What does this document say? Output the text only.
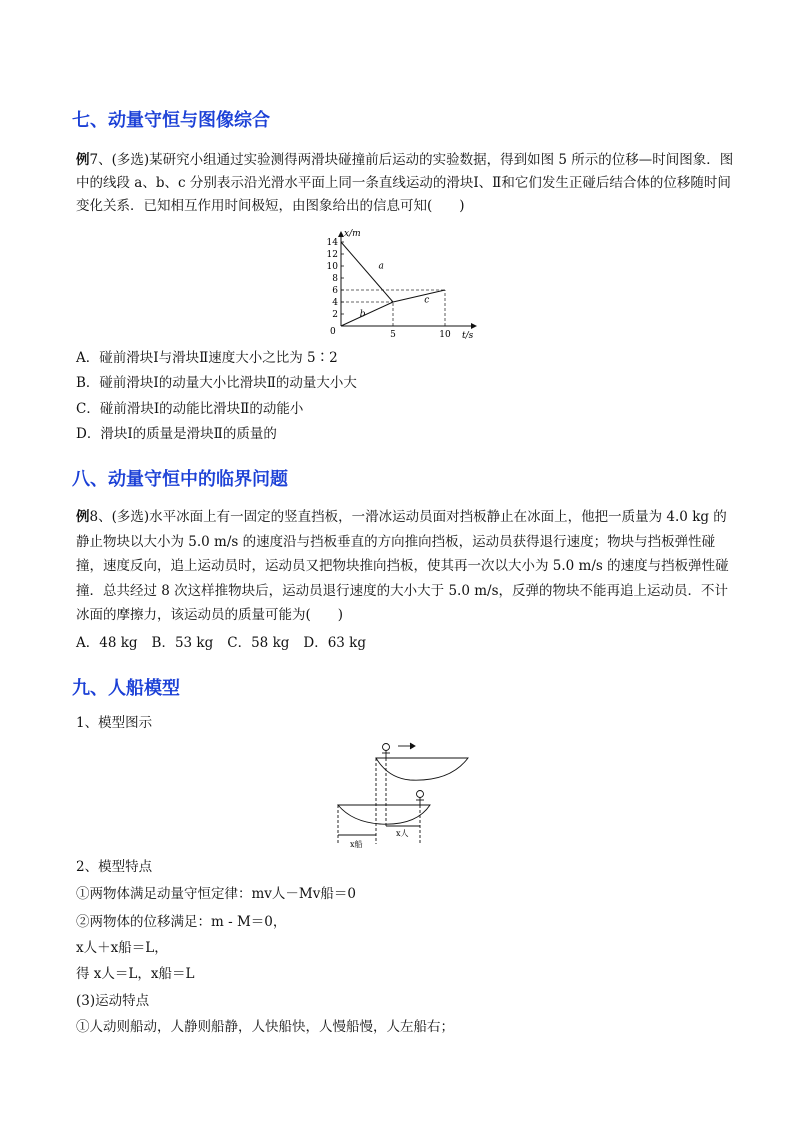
七、动量守恒与图像综合

例7、(多选)某研究小组通过实验测得两滑块碰撞前后运动的实验数据，得到如图 5 所示的位移—时间图象．图中的线段 a、b、c 分别表示沿光滑水平面上同一条直线运动的滑块Ⅰ、Ⅱ和它们发生正碰后结合体的位移随时间变化关系．已知相互作用时间极短，由图象给出的信息可知(　　)

2
4
6
8
10
12
14
5	10
a
b
c
x/m
t/s
0
A．碰前滑块Ⅰ与滑块Ⅱ速度大小之比为 5∶2
B．碰前滑块Ⅰ的动量大小比滑块Ⅱ的动量大小大
C．碰前滑块Ⅰ的动能比滑块Ⅱ的动能小
D．滑块Ⅰ的质量是滑块Ⅱ的质量的
八、动量守恒中的临界问题

例8、(多选)水平冰面上有一固定的竖直挡板，一滑冰运动员面对挡板静止在冰面上，他把一质量为 4.0 kg 的静止物块以大小为 5.0 m/s 的速度沿与挡板垂直的方向推向挡板，运动员获得退行速度；物块与挡板弹性碰撞，速度反向，追上运动员时，运动员又把物块推向挡板，使其再一次以大小为 5.0 m/s 的速度与挡板弹性碰撞．总共经过 8 次这样推物块后，运动员退行速度的大小大于 5.0 m/s，反弹的物块不能再追上运动员．不计冰面的摩擦力，该运动员的质量可能为(　　)

A．48 kg B．53 kg C．58 kg D．63 kg
九、人船模型
1、模型图示
x船
x人
2、模型特点
①两物体满足动量守恒定律：mv人－Mv船＝0
②两物体的位移满足：m - M＝0，
x人＋x船＝L，
得 x人＝L，x船＝L
(3)运动特点
①人动则船动，人静则船静，人快船快，人慢船慢，人左船右；
